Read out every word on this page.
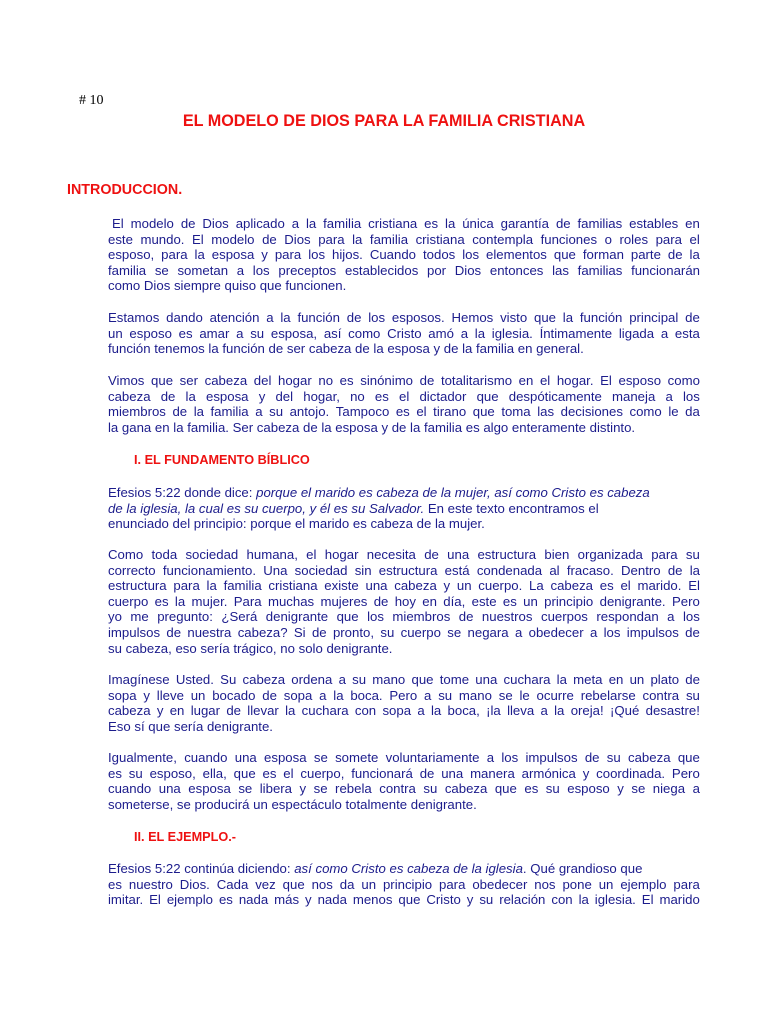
# 10
EL MODELO DE DIOS PARA LA FAMILIA CRISTIANA
INTRODUCCION.
El modelo de Dios aplicado a la familia cristiana es la única garantía de familias estables en
este mundo. El modelo de Dios para la familia cristiana contempla funciones o roles para el
esposo, para la esposa y para los hijos. Cuando todos los elementos que forman parte de la
familia se sometan a los preceptos establecidos por Dios entonces las familias funcionarán
como Dios siempre quiso que funcionen.
Estamos dando atención a la función de los esposos. Hemos visto que la función principal de
un esposo es amar a su esposa, así como Cristo amó a la iglesia. Íntimamente ligada a esta
función tenemos la función de ser cabeza de la esposa y de la familia en general.
Vimos que ser cabeza del hogar no es sinónimo de totalitarismo en el hogar. El esposo como
cabeza de la esposa y del hogar, no es el dictador que despóticamente maneja a los
miembros de la familia a su antojo. Tampoco es el tirano que toma las decisiones como le da
la gana en la familia. Ser cabeza de la esposa y de la familia es algo enteramente distinto.
I. EL FUNDAMENTO BÍBLICO
Efesios 5:22 donde dice: porque el marido es cabeza de la mujer, así como Cristo es cabeza
de la iglesia, la cual es su cuerpo, y él es su Salvador. En este texto encontramos el
enunciado del principio: porque el marido es cabeza de la mujer.
Como toda sociedad humana, el hogar necesita de una estructura bien organizada para su
correcto funcionamiento. Una sociedad sin estructura está condenada al fracaso. Dentro de la
estructura para la familia cristiana existe una cabeza y un cuerpo. La cabeza es el marido. El
cuerpo es la mujer. Para muchas mujeres de hoy en día, este es un principio denigrante. Pero
yo me pregunto: ¿Será denigrante que los miembros de nuestros cuerpos respondan a los
impulsos de nuestra cabeza? Si de pronto, su cuerpo se negara a obedecer a los impulsos de
su cabeza, eso sería trágico, no solo denigrante.
Imagínese Usted. Su cabeza ordena a su mano que tome una cuchara la meta en un plato de
sopa y lleve un bocado de sopa a la boca. Pero a su mano se le ocurre rebelarse contra su
cabeza y en lugar de llevar la cuchara con sopa a la boca, ¡la lleva a la oreja! ¡Qué desastre!
Eso sí que sería denigrante.
Igualmente, cuando una esposa se somete voluntariamente a los impulsos de su cabeza que
es su esposo, ella, que es el cuerpo, funcionará de una manera armónica y coordinada. Pero
cuando una esposa se libera y se rebela contra su cabeza que es su esposo y se niega a
someterse, se producirá un espectáculo totalmente denigrante.
II. EL EJEMPLO.-
Efesios 5:22 continúa diciendo: así como Cristo es cabeza de la iglesia. Qué grandioso que
es nuestro Dios. Cada vez que nos da un principio para obedecer nos pone un ejemplo para
imitar. El ejemplo es nada más y nada menos que Cristo y su relación con la iglesia. El marido
